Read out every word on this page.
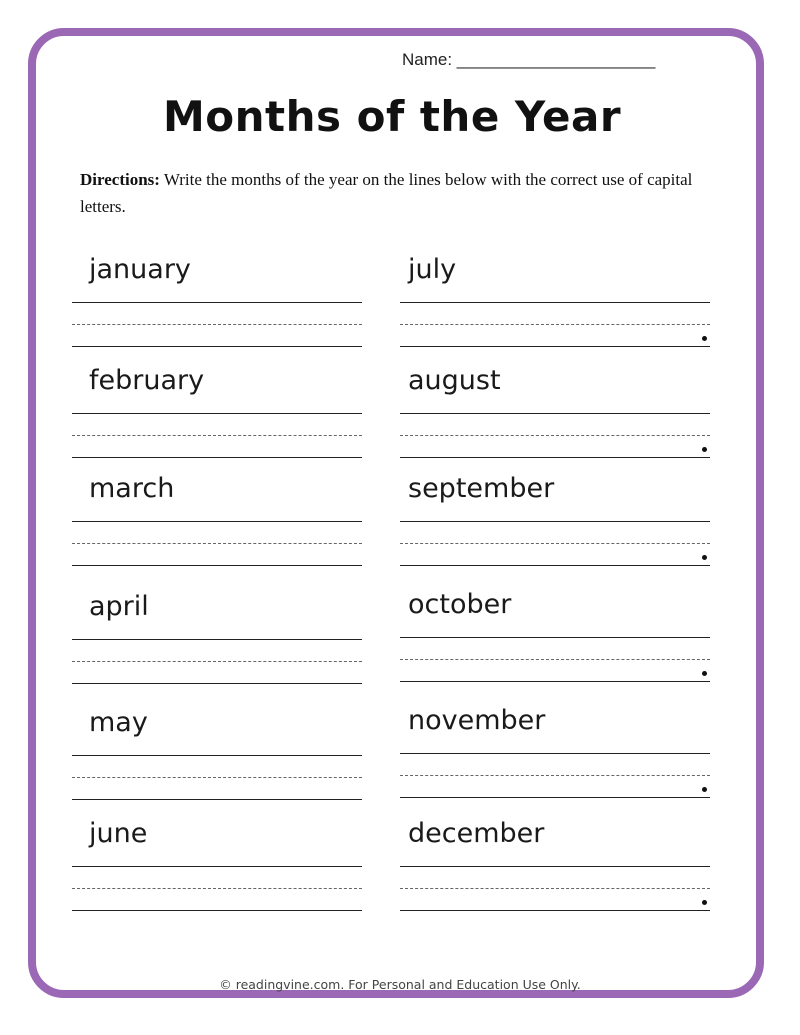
Name: _____________________
Months of the Year
Directions: Write the months of the year on the lines below with the correct use of capital letters.
january
february
march
april
may
june
july
august
september
october
november
december
© readingvine.com. For Personal and Education Use Only.
